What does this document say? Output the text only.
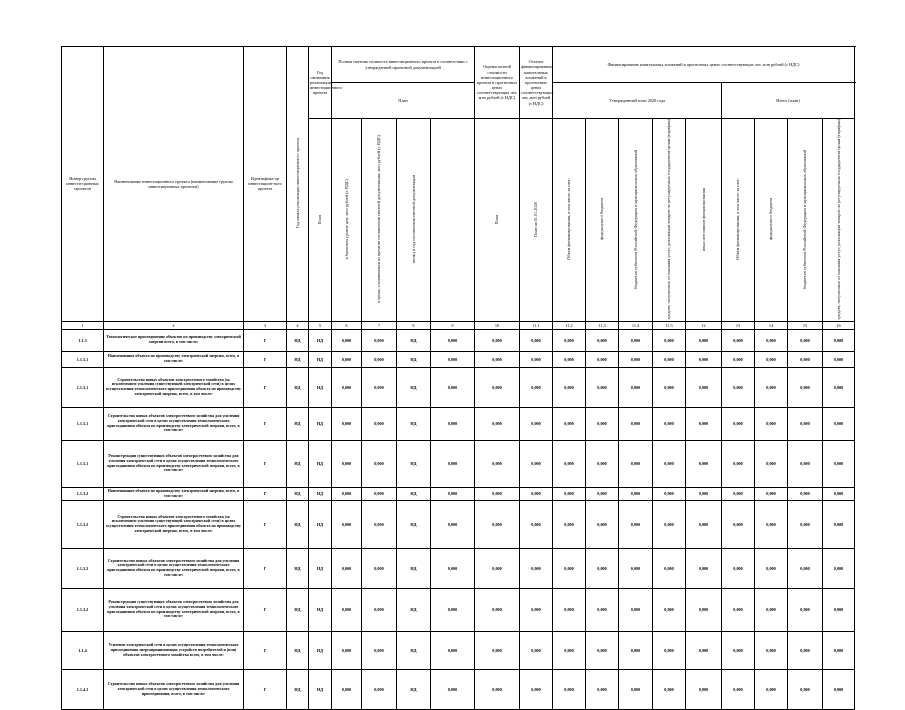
Номер группы инвести-ционных проектов	Наименование инвестиционного проекта (наименование группы инвестиционных проектов)	Идентифика-ор инвестицион-ного проекта	Год начала реализации инвестиционного проекта	Год окончания реализации инвестиционного проекта	Полная сметная стоимость инвестиционного проекта в соответствии с утвержденной проектной документацией				Оценка полной стоимости инвестиционного проекта в прогнозных ценах соответствующих лет, млн рублей (с НДС)	Остаток финансирования капитальных вложений в прогнозных ценах соответствующих лет, млн рублей (с НДС)	Финансирование капитальных вложений в прогнозных ценах соответствующих лет, млн рублей (с НДС)									
					План						Утвержденный план 2020 года					Итого (план)				
				План	в базисном уровне цен, млн рублей (с НДС)	в ценах, сложившихся ко времени составления сметной документации, млн рублей (с НДС)	месяц и год составления сметной документации		План	План на 01.01.2020	Объем финансирования, в том числе за счет:	федерального бюджета	бюджетов субъектов Российской Федерации и муниципальных образований	средств, полученных от оказания услуг, реализации товаров по регулируемым государством ценам (тарифам)	иных источников финансирования	Объем финансирования, в том числе за счет:	федерального бюджета	бюджетов субъектов Российской Федерации и муниципальных образований	средств, полученных от оказания услуг, реализации товаров по регулируемым государством ценам (тарифам)	
1	2	3	4	5	6	7	8	9	10	11.1	11.2	11.3	11.4	11.5	12	13	14	15	16	
1.1.3	Технологическое присоединение объектов по производству электрической энергии всего, в том числе:	Г	НД	НД	0,000	0,000	НД	0,000	0,000	0,000	0,000	0,000	0,000	0,000	0,000	0,000	0,000	0,000	0,000	
1.1.3.1	Наименование объекта по производству электрической энергии, всего, в том числе:	Г	НД	НД	0,000	0,000	НД	0,000	0,000	0,000	0,000	0,000	0,000	0,000	0,000	0,000	0,000	0,000	0,000	
1.1.3.1	Строительство новых объектов электросетевого хозяйства (за исключением усиления существующей электрической сети) в целях осуществления технологического присоединения объекта по производству электрической энергии, всего, в том числе:	Г	НД	НД	0,000	0,000	НД	0,000	0,000	0,000	0,000	0,000	0,000	0,000	0,000	0,000	0,000	0,000	0,000	
1.1.3.1	Строительство новых объектов электросетевого хозяйства для усиления электрической сети в целях осуществления технологического присоединения объекта по производству электрической энергии, всего, в том числе:	Г	НД	НД	0,000	0,000	НД	0,000	0,000	0,000	0,000	0,000	0,000	0,000	0,000	0,000	0,000	0,000	0,000	
1.1.3.1	Реконструкция существующих объектов электросетевого хозяйства для усиления электрической сети в целях осуществления технологического присоединения объекта по производству электрической энергии, всего, в том числе:	Г	НД	НД	0,000	0,000	НД	0,000	0,000	0,000	0,000	0,000	0,000	0,000	0,000	0,000	0,000	0,000	0,000	
1.1.3.2	Наименование объекта по производству электрической энергии, всего, в том числе:	Г	НД	НД	0,000	0,000	НД	0,000	0,000	0,000	0,000	0,000	0,000	0,000	0,000	0,000	0,000	0,000	0,000	
1.1.3.2	Строительство новых объектов электросетевого хозяйства (за исключением усиления существующей электрической сети) в целях осуществления технологического присоединения объекта по производству электрической энергии, всего, в том числе:	Г	НД	НД	0,000	0,000	НД	0,000	0,000	0,000	0,000	0,000	0,000	0,000	0,000	0,000	0,000	0,000	0,000	
1.1.3.2	Строительство новых объектов электросетевого хозяйства для усиления электрической сети в целях осуществления технологического присоединения объекта по производству электрической энергии, всего, в том числе:	Г	НД	НД	0,000	0,000	НД	0,000	0,000	0,000	0,000	0,000	0,000	0,000	0,000	0,000	0,000	0,000	0,000	
1.1.3.2	Реконструкция существующих объектов электросетевого хозяйства для усиления электрической сети в целях осуществления технологического присоединения объекта по производству электрической энергии, всего, в том числе:	Г	НД	НД	0,000	0,000	НД	0,000	0,000	0,000	0,000	0,000	0,000	0,000	0,000	0,000	0,000	0,000	0,000	
1.1.4	Усиление электрической сети в целях осуществления технологического присоединения энергопринимающих устройств потребителей и (или) объектов электросетевого хозяйства всего, в том числе:	Г	НД	НД	0,000	0,000	НД	0,000	0,000	0,000	0,000	0,000	0,000	0,000	0,000	0,000	0,000	0,000	0,000	
1.1.4.1	Строительство новых объектов электросетевого хозяйства для усиления электрической сети в целях осуществления технологического присоединения, всего, в том числе:	Г	НД	НД	0,000	0,000	НД	0,000	0,000	0,000	0,000	0,000	0,000	0,000	0,000	0,000	0,000	0,000	0,000	
